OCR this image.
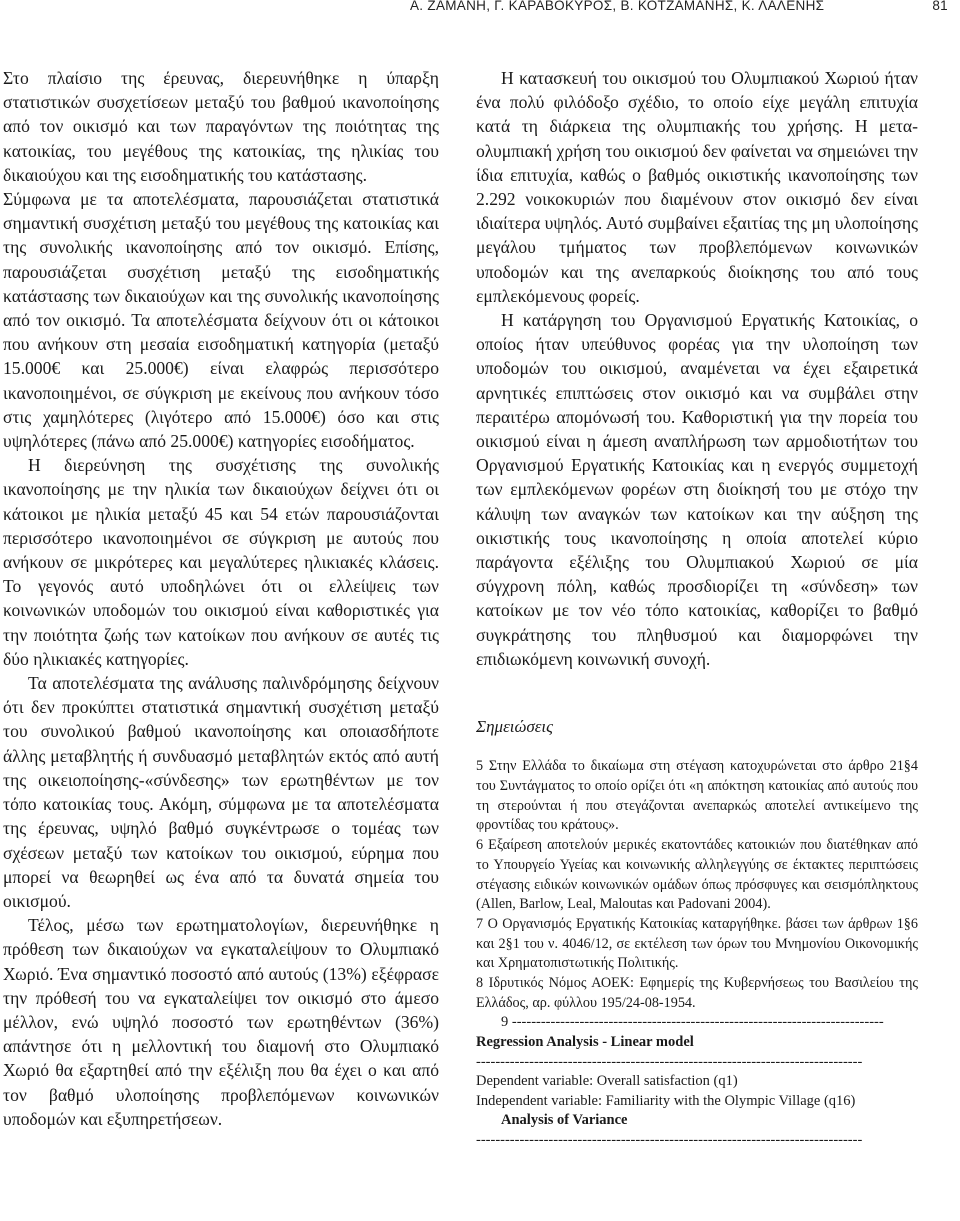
Α. ΖΑΜΑΝΗ, Γ. ΚΑΡΑΒΟΚΥΡΟΣ, Β. ΚΟΤΖΑΜΑΝΗΣ, Κ. ΛΑΛΕΝΗΣ	81

Στο πλαίσιο της έρευνας, διερευνήθηκε η ύπαρξη στατιστικών συσχετίσεων μεταξύ του βαθμού ικανοποίησης από τον οικισμό και των παραγόντων της ποιότητας της κατοικίας, του μεγέθους της κατοικίας, της ηλικίας του δικαιούχου και της εισοδηματικής του κατάστασης.

Σύμφωνα με τα αποτελέσματα, παρουσιάζεται στατιστικά σημαντική συσχέτιση μεταξύ του μεγέθους της κατοικίας και της συνολικής ικανοποίησης από τον οικισμό. Επίσης, παρουσιάζεται συσχέτιση μεταξύ της εισοδηματικής κατάστασης των δικαιούχων και της συνολικής ικανοποίησης από τον οικισμό. Τα αποτελέσματα δείχνουν ότι οι κάτοικοι που ανήκουν στη μεσαία εισοδηματική κατηγορία (μεταξύ 15.000€ και 25.000€) είναι ελαφρώς περισσότερο ικανοποιημένοι, σε σύγκριση με εκείνους που ανήκουν τόσο στις χαμηλότερες (λιγότερο από 15.000€) όσο και στις υψηλότερες (πάνω από 25.000€) κατηγορίες εισοδήματος.

Η διερεύνηση της συσχέτισης της συνολικής ικανοποίησης με την ηλικία των δικαιούχων δείχνει ότι οι κάτοικοι με ηλικία μεταξύ 45 και 54 ετών παρουσιάζονται περισσότερο ικανοποιημένοι σε σύγκριση με αυτούς που ανήκουν σε μικρότερες και μεγαλύτερες ηλικιακές κλάσεις. Το γεγονός αυτό υποδηλώνει ότι οι ελλείψεις των κοινωνικών υποδομών του οικισμού είναι καθοριστικές για την ποιότητα ζωής των κατοίκων που ανήκουν σε αυτές τις δύο ηλικιακές κατηγορίες.

Τα αποτελέσματα της ανάλυσης παλινδρόμησης δείχνουν ότι δεν προκύπτει στατιστικά σημαντική συσχέτιση μεταξύ του συνολικού βαθμού ικανοποίησης και οποιασδήποτε άλλης μεταβλητής ή συνδυασμό μεταβλητών εκτός από αυτή της οικειοποίησης-«σύνδεσης» των ερωτηθέντων με τον τόπο κατοικίας τους. Ακόμη, σύμφωνα με τα αποτελέσματα της έρευνας, υψηλό βαθμό συγκέντρωσε ο τομέας των σχέσεων μεταξύ των κατοίκων του οικισμού, εύρημα που μπορεί να θεωρηθεί ως ένα από τα δυνατά σημεία του οικισμού.

Τέλος, μέσω των ερωτηματολογίων, διερευνήθηκε η πρόθεση των δικαιούχων να εγκαταλείψουν το Ολυμπιακό Χωριό. Ένα σημαντικό ποσοστό από αυτούς (13%) εξέφρασε την πρόθεσή του να εγκαταλείψει τον οικισμό στο άμεσο μέλλον, ενώ υψηλό ποσοστό των ερωτηθέντων (36%) απάντησε ότι η μελλοντική του διαμονή στο Ολυμπιακό Χωριό θα εξαρτηθεί από την εξέλιξη που θα έχει ο και από τον βαθμό υλοποίησης προβλεπόμενων κοινωνικών υποδομών και εξυπηρετήσεων.

Η κατασκευή του οικισμού του Ολυμπιακού Χωριού ήταν ένα πολύ φιλόδοξο σχέδιο, το οποίο είχε μεγάλη επιτυχία κατά τη διάρκεια της ολυμπιακής του χρήσης. Η μετα-ολυμπιακή χρήση του οικισμού δεν φαίνεται να σημειώνει την ίδια επιτυχία, καθώς ο βαθμός οικιστικής ικανοποίησης των 2.292 νοικοκυριών που διαμένουν στον οικισμό δεν είναι ιδιαίτερα υψηλός. Αυτό συμβαίνει εξαιτίας της μη υλοποίησης μεγάλου τμήματος των προβλεπόμενων κοινωνικών υποδομών και της ανεπαρκούς διοίκησης του από τους εμπλεκόμενους φορείς.

Η κατάργηση του Οργανισμού Εργατικής Κατοικίας, ο οποίος ήταν υπεύθυνος φορέας για την υλοποίηση των υποδομών του οικισμού, αναμένεται να έχει εξαιρετικά αρνητικές επιπτώσεις στον οικισμό και να συμβάλει στην περαιτέρω απομόνωσή του. Καθοριστική για την πορεία του οικισμού είναι η άμεση αναπλήρωση των αρμοδιοτήτων του Οργανισμού Εργατικής Κατοικίας και η ενεργός συμμετοχή των εμπλεκόμενων φορέων στη διοίκησή του με στόχο την κάλυψη των αναγκών των κατοίκων και την αύξηση της οικιστικής τους ικανοποίησης η οποία αποτελεί κύριο παράγοντα εξέλιξης του Ολυμπιακού Χωριού σε μία σύγχρονη πόλη, καθώς προσδιορίζει τη «σύνδεση» των κατοίκων με τον νέο τόπο κατοικίας, καθορίζει το βαθμό συγκράτησης του πληθυσμού και διαμορφώνει την επιδιωκόμενη κοινωνική συνοχή.

Σημειώσεις

5 Στην Ελλάδα το δικαίωμα στη στέγαση κατοχυρώνεται στο άρθρο 21§4 του Συντάγματος το οποίο ορίζει ότι «η απόκτηση κατοικίας από αυτούς που τη στερούνται ή που στεγάζονται ανεπαρκώς αποτελεί αντικείμενο της φροντίδας του κράτους».

6 Εξαίρεση αποτελούν μερικές εκατοντάδες κατοικιών που διατέθηκαν από το Υπουργείο Υγείας και κοινωνικής αλληλεγγύης σε έκτακτες περιπτώσεις στέγασης ειδικών κοινωνικών ομάδων όπως πρόσφυγες και σεισμόπληκτους (Allen, Barlow, Leal, Maloutas και Padovani 2004).

7 Ο Οργανισμός Εργατικής Κατοικίας καταργήθηκε. βάσει των άρθρων 1§6 και 2§1 του ν. 4046/12, σε εκτέλεση των όρων του Μνημονίου Οικονομικής και Χρηματοπιστωτικής Πολιτικής.

8 Ιδρυτικός Νόμος ΑΟΕΚ: Εφημερίς της Κυβερνήσεως του Βασιλείου της Ελλάδος, αρ. φύλλου 195/24-08-1954.

9 -----------------------------------------------------------------------------
Regression Analysis - Linear model
--------------------------------------------------------------------------------
Dependent variable: Overall satisfaction (q1)
Independent variable: Familiarity with the Olympic Village (q16)
Analysis of Variance
--------------------------------------------------------------------------------
